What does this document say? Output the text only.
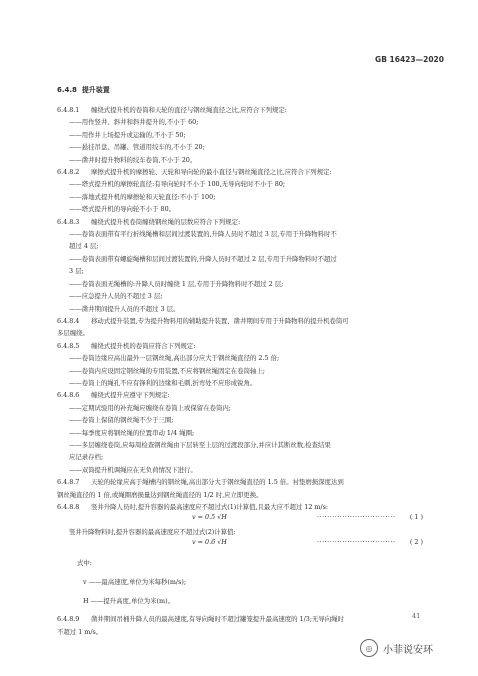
GB 16423—2020

6.4.8 提升装置

6.4.8.1 缠绕式提升机的卷筒和天轮的直径与钢丝绳直径之比,应符合下列规定:

——用作竖井、斜井和斜井提升的,不小于 60;

——用作井上场提升或运输的,不小于 50;

——悬挂吊盘、吊罐、管道用绞车的,不小于 20;

——凿井时提升物料的绞车卷筒,不小于 20。

6.4.8.2 摩擦式提升机的摩擦轮、天轮和导向轮的最小直径与钢丝绳直径之比,应符合下列规定:

——塔式提升机的摩擦轮直径:有导向轮时不小于 100,无导向轮时不小于 80;

——落地式提升机的摩擦轮和天轮直径:不小于 100;

——塔式提升机的导向轮不小于 80。

6.4.8.3 缠绕式提升机卷筒缠绕钢丝绳的层数应符合下列规定:

——卷筒表面带有平行折线绳槽和层间过渡装置的,升降人员时不超过 3 层,专用于升降物料时不

超过 4 层;

——卷筒表面带有螺旋绳槽和层间过渡装置的,升降人员时不超过 2 层,专用于升降物料时不超过

3 层;

——卷筒表面无绳槽的:升降人员时缠绕 1 层,专用于升降物料时不超过 2 层;

——应急提升人员的不超过 3 层;

——凿井期间提升人员的不超过 3 层。

6.4.8.4 移动式提升装置,专为提升物料用的辅助提升装置、凿井期间专用于升降物料的提升机卷筒可

多层缠绕。

6.4.8.5 缠绕式提升机的卷筒应符合下列规定:

——卷筒边缘应高出最外一层钢丝绳,高出部分应大于钢丝绳直径的 2.5 倍;

——卷筒内应设固定钢丝绳的专用装置,不应将钢丝绳固定在卷筒轴上;

——卷筒上的绳孔不应有锋利的边缘和毛刺,折弯处不应形成锐角。

6.4.8.6 缠绕式提升应遵守下列规定:

——定期试验用的补充绳应缠绕在卷筒上或保留在卷筒内;

——卷筒上保留的钢丝绳不少于三圈;

——每季度应将钢丝绳的位置串动 1/4 绳圈;

——多层缠绕卷筒,应每周检查钢丝绳由下层转至上层的过渡段部分,并应计其断丝数,检查结果

应记录存档;

——双筒提升机调绳应在无负荷情况下进行。

6.4.8.7 天轮的轮缘应高于绳槽内的钢丝绳,高出部分大于钢丝绳直径的 1.5 倍。衬垫磨损深度达到

钢丝绳直径的 1 倍,或绳圈磨损量达到钢丝绳直径的 1/2 时,应立即更换。

6.4.8.8 竖井升降人员时,提升容器的最高速度应不超过式(1)计算值,且最大应不超过 12 m/s:

v = 0.5 √H	······························· ( 1 )

竖井升降物料时,提升容器的最高速度应不超过式(2)计算值:

v = 0.6 √H	······························· ( 2 )

式中:

v ——最高速度,单位为米每秒(m/s);

H ——提升高度,单位为米(m)。

6.4.8.9 凿井期间吊桶升降人员的最高速度,有导向绳时不超过罐笼提升最高速度的 1/3;无导向绳时

不超过 1 m/s。

41
◎	小菲说安环
